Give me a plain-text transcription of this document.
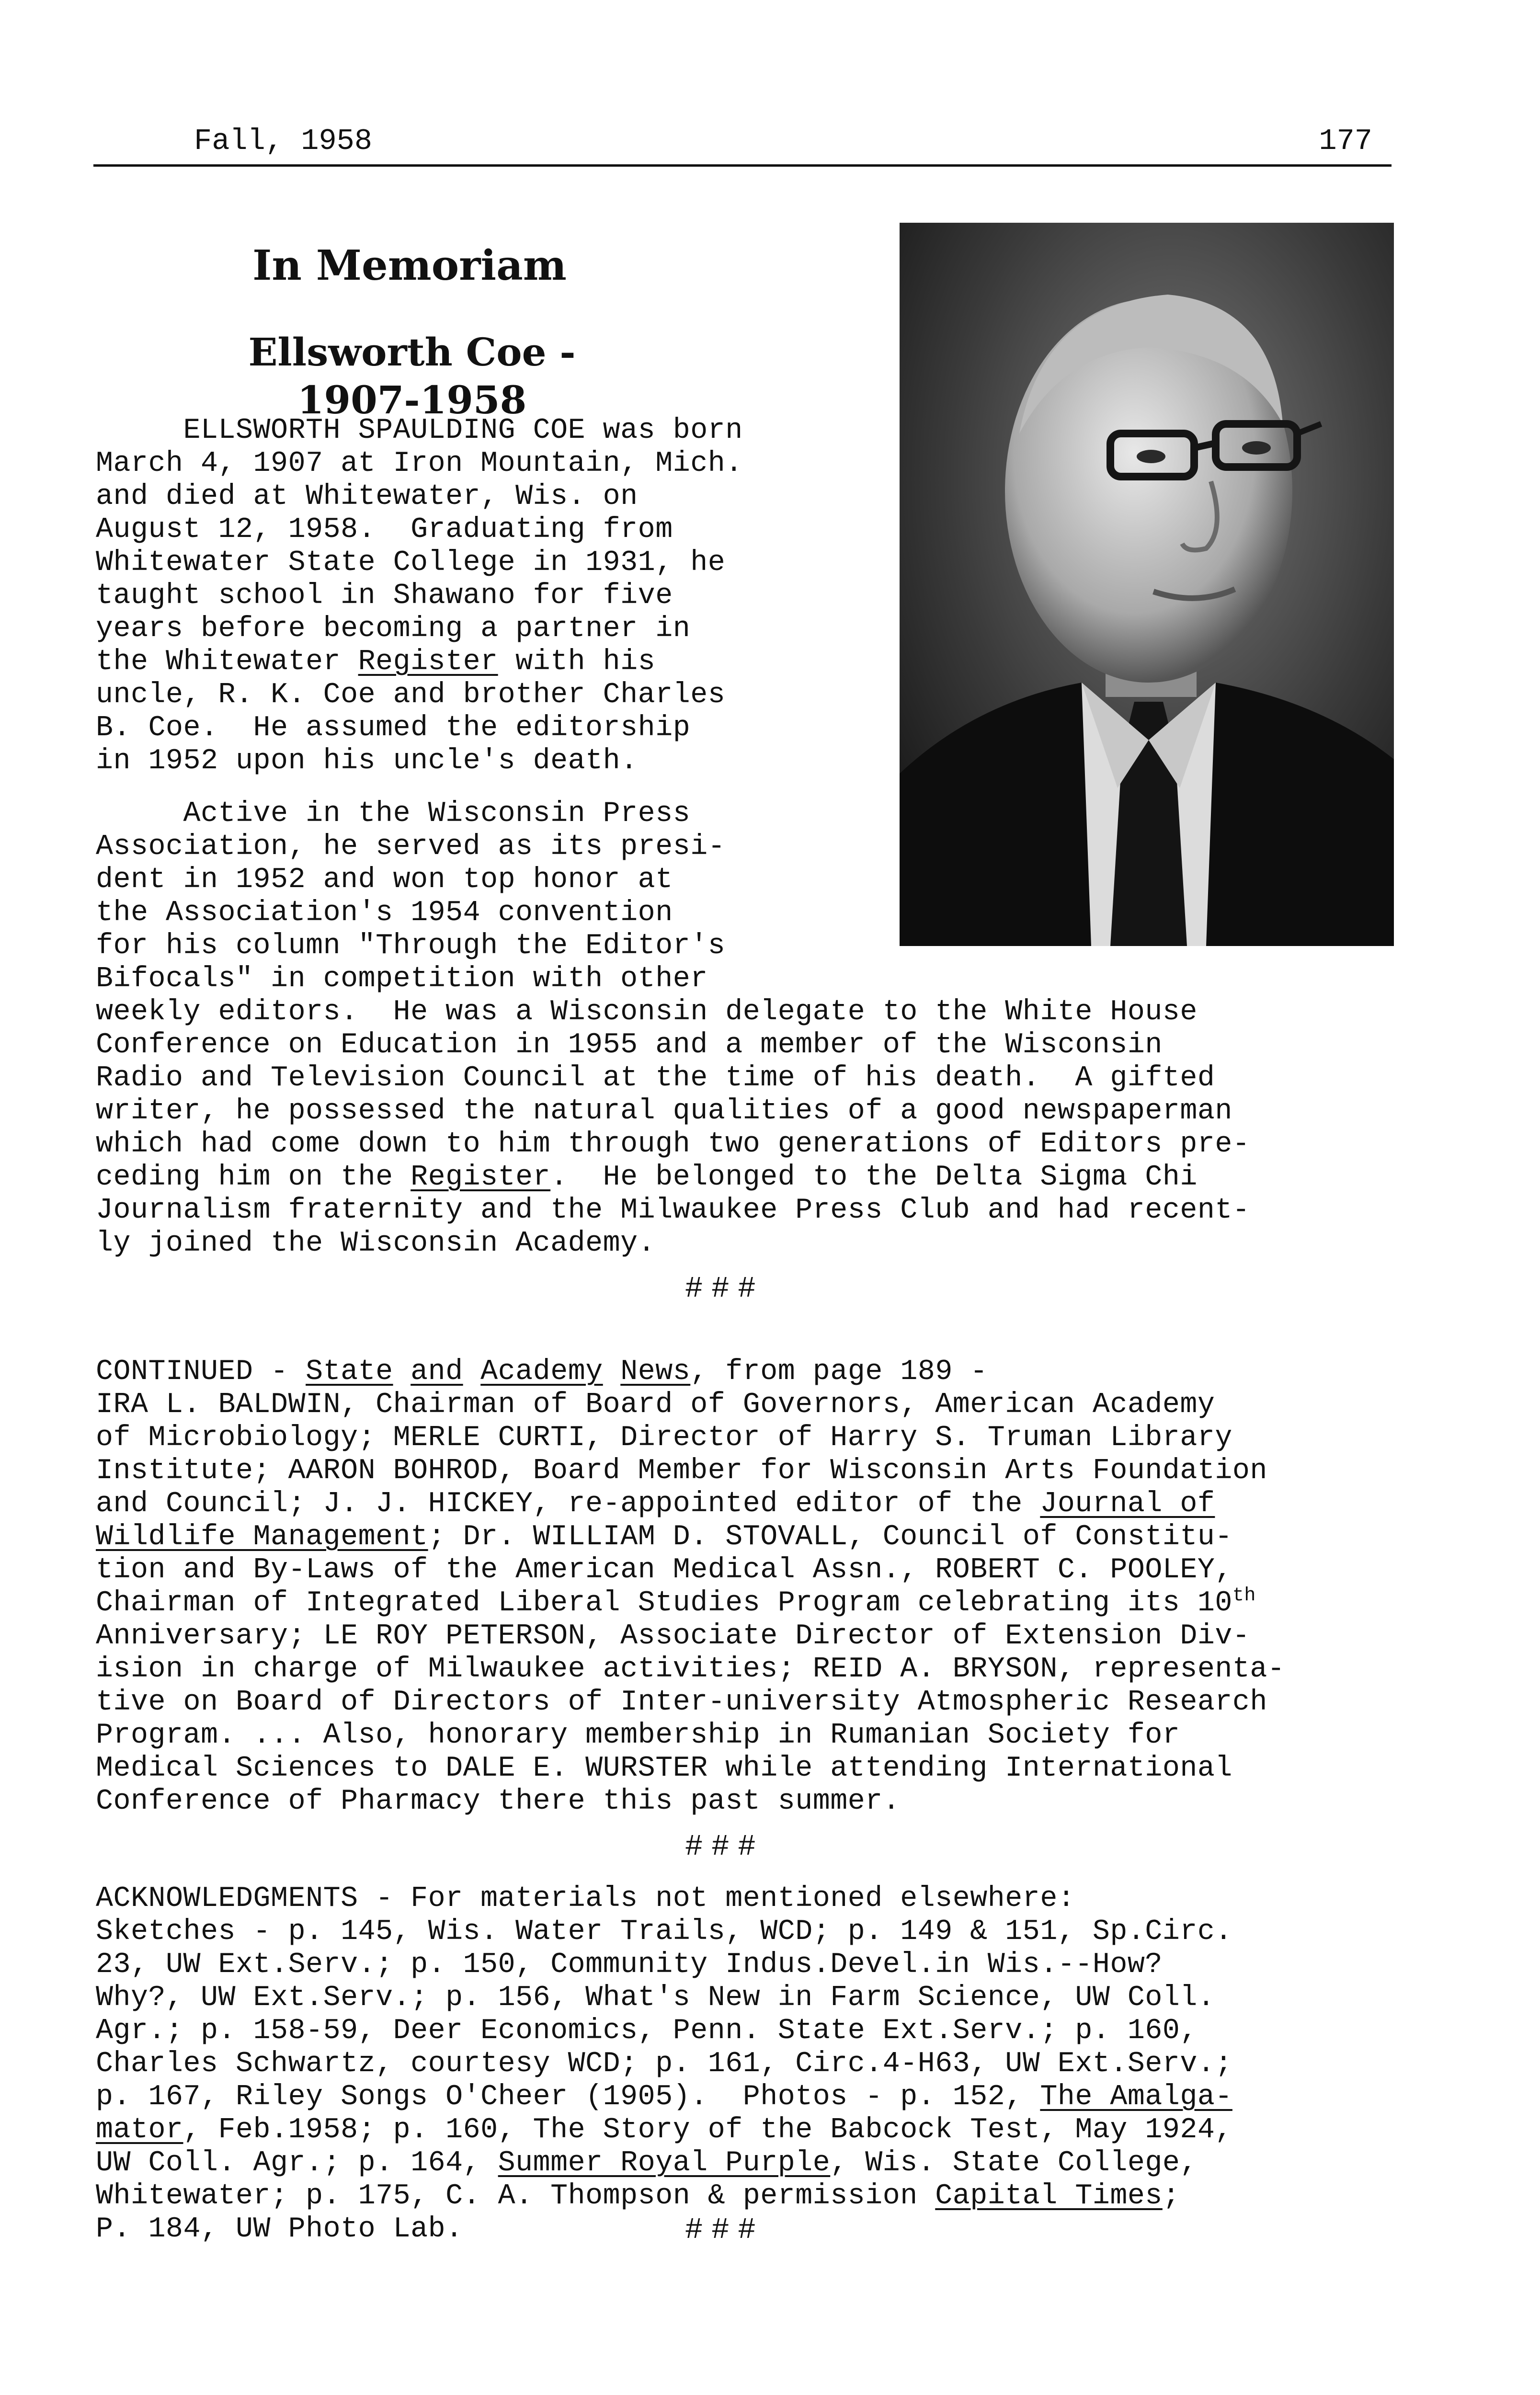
Fall, 1958	177
In Memoriam
Ellsworth Coe - 1907-1958
ELLSWORTH SPAULDING COE was born
March 4, 1907 at Iron Mountain, Mich.
and died at Whitewater, Wis. on
August 12, 1958.  Graduating from
Whitewater State College in 1931, he
taught school in Shawano for five
years before becoming a partner in
the Whitewater Register with his
uncle, R. K. Coe and brother Charles
B. Coe.  He assumed the editorship
in 1952 upon his uncle's death.
Active in the Wisconsin Press
Association, he served as its presi-
dent in 1952 and won top honor at
the Association's 1954 convention
for his column "Through the Editor's
Bifocals" in competition with other
weekly editors.  He was a Wisconsin delegate to the White House
Conference on Education in 1955 and a member of the Wisconsin
Radio and Television Council at the time of his death.  A gifted
writer, he possessed the natural qualities of a good newspaperman
which had come down to him through two generations of Editors pre-
ceding him on the Register.  He belonged to the Delta Sigma Chi
Journalism fraternity and the Milwaukee Press Club and had recent-
ly joined the Wisconsin Academy.
###
CONTINUED - State and Academy News, from page 189 -
IRA L. BALDWIN, Chairman of Board of Governors, American Academy
of Microbiology; MERLE CURTI, Director of Harry S. Truman Library
Institute; AARON BOHROD, Board Member for Wisconsin Arts Foundation
and Council; J. J. HICKEY, re-appointed editor of the Journal of
Wildlife Management; Dr. WILLIAM D. STOVALL, Council of Constitu-
tion and By-Laws of the American Medical Assn., ROBERT C. POOLEY,
Chairman of Integrated Liberal Studies Program celebrating its 10th
Anniversary; LE ROY PETERSON, Associate Director of Extension Div-
ision in charge of Milwaukee activities; REID A. BRYSON, representa-
tive on Board of Directors of Inter-university Atmospheric Research
Program. ... Also, honorary membership in Rumanian Society for
Medical Sciences to DALE E. WURSTER while attending International
Conference of Pharmacy there this past summer.
###
ACKNOWLEDGMENTS - For materials not mentioned elsewhere:
Sketches - p. 145, Wis. Water Trails, WCD; p. 149 & 151, Sp.Circ.
23, UW Ext.Serv.; p. 150, Community Indus.Devel.in Wis.--How?
Why?, UW Ext.Serv.; p. 156, What's New in Farm Science, UW Coll.
Agr.; p. 158-59, Deer Economics, Penn. State Ext.Serv.; p. 160,
Charles Schwartz, courtesy WCD; p. 161, Circ.4-H63, UW Ext.Serv.;
p. 167, Riley Songs O'Cheer (1905).  Photos - p. 152, The Amalga-
mator, Feb.1958; p. 160, The Story of the Babcock Test, May 1924,
UW Coll. Agr.; p. 164, Summer Royal Purple, Wis. State College,
Whitewater; p. 175, C. A. Thompson & permission Capital Times;
P. 184, UW Photo Lab.	###
